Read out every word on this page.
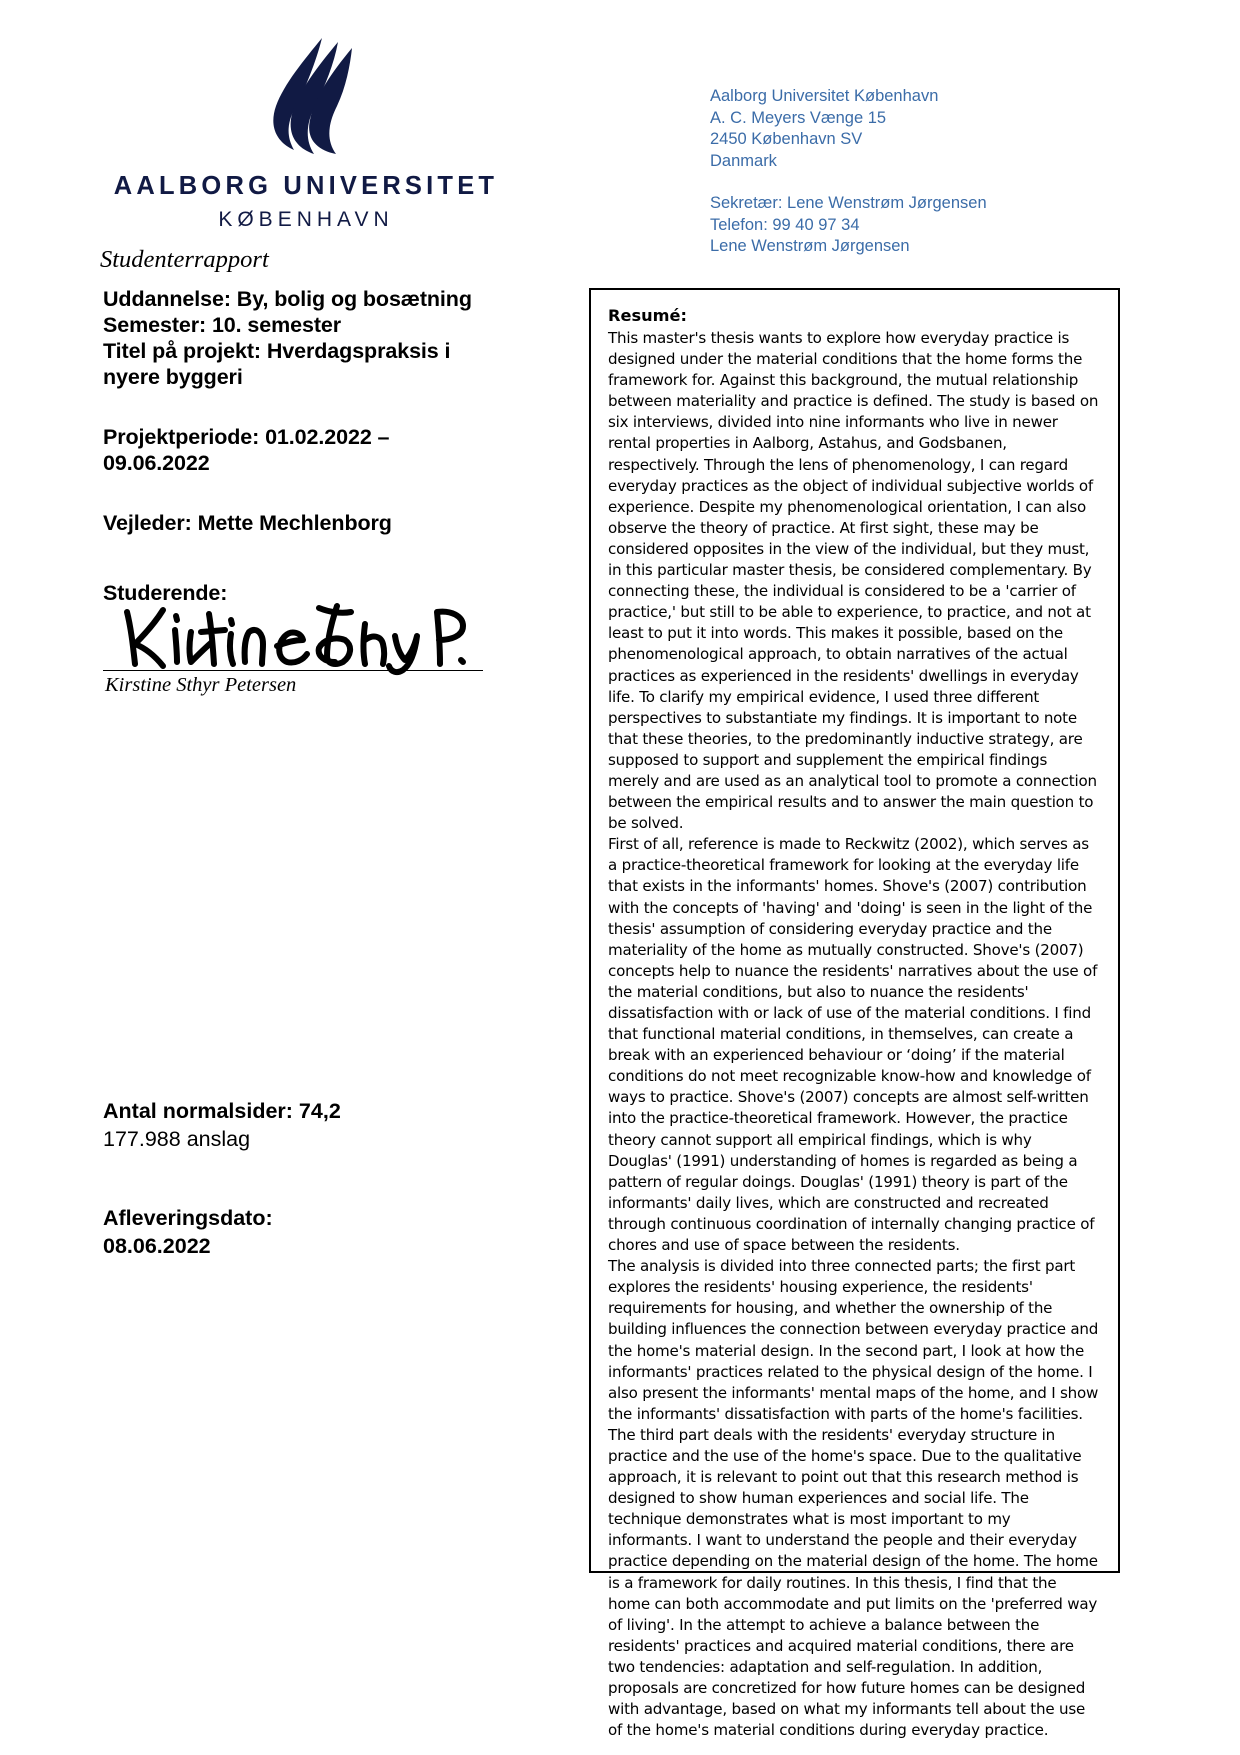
AALBORG UNIVERSITET
KØBENHAVN
Studenterrapport
Aalborg Universitet København
A. C. Meyers Vænge 15
2450 København SV
Danmark
Sekretær: Lene Wenstrøm Jørgensen
Telefon: 99 40 97 34
Lene Wenstrøm Jørgensen
Uddannelse: By, bolig og bosætning
Semester: 10. semester
Titel på projekt: Hverdagspraksis i
nyere byggeri
Projektperiode: 01.02.2022 –
09.06.2022
Vejleder: Mette Mechlenborg
Studerende:
Kirstine Sthyr Petersen
Antal normalsider: 74,2
177.988 anslag
Afleveringsdato:
08.06.2022
Resumé:

This master's thesis wants to explore how everyday practice is designed under the material conditions that the home forms the framework for. Against this background, the mutual relationship between materiality and practice is defined. The study is based on six interviews, divided into nine informants who live in newer rental properties in Aalborg, Astahus, and Godsbanen, respectively. Through the lens of phenomenology, I can regard everyday practices as the object of individual subjective worlds of experience. Despite my phenomenological orientation, I can also observe the theory of practice. At first sight, these may be considered opposites in the view of the individual, but they must, in this particular master thesis, be considered complementary. By connecting these, the individual is considered to be a 'carrier of practice,' but still to be able to experience, to practice, and not at least to put it into words. This makes it possible, based on the phenomenological approach, to obtain narratives of the actual practices as experienced in the residents' dwellings in everyday life. To clarify my empirical evidence, I used three different perspectives to substantiate my findings. It is important to note that these theories, to the predominantly inductive strategy, are supposed to support and supplement the empirical findings merely and are used as an analytical tool to promote a connection between the empirical results and to answer the main question to be solved.

First of all, reference is made to Reckwitz (2002), which serves as a practice-theoretical framework for looking at the everyday life that exists in the informants' homes. Shove's (2007) contribution with the concepts of 'having' and 'doing' is seen in the light of the thesis' assumption of considering everyday practice and the materiality of the home as mutually constructed. Shove's (2007) concepts help to nuance the residents' narratives about the use of the material conditions, but also to nuance the residents' dissatisfaction with or lack of use of the material conditions. I find that functional material conditions, in themselves, can create a break with an experienced behaviour or ‘doing’ if the material conditions do not meet recognizable know-how and knowledge of ways to practice. Shove's (2007) concepts are almost self-written into the practice-theoretical framework. However, the practice theory cannot support all empirical findings, which is why Douglas' (1991) understanding of homes is regarded as being a pattern of regular doings. Douglas' (1991) theory is part of the informants' daily lives, which are constructed and recreated through continuous coordination of internally changing practice of chores and use of space between the residents.

The analysis is divided into three connected parts; the first part explores the residents' housing experience, the residents' requirements for housing, and whether the ownership of the building influences the connection between everyday practice and the home's material design. In the second part, I look at how the informants' practices related to the physical design of the home. I also present the informants' mental maps of the home, and I show the informants' dissatisfaction with parts of the home's facilities. The third part deals with the residents' everyday structure in practice and the use of the home's space. Due to the qualitative approach, it is relevant to point out that this research method is designed to show human experiences and social life. The technique demonstrates what is most important to my informants. I want to understand the people and their everyday practice depending on the material design of the home. The home is a framework for daily routines. In this thesis, I find that the home can both accommodate and put limits on the 'preferred way of living'. In the attempt to achieve a balance between the residents' practices and acquired material conditions, there are two tendencies: adaptation and self-regulation. In addition, proposals are concretized for how future homes can be designed with advantage, based on what my informants tell about the use of the home's material conditions during everyday practice.
